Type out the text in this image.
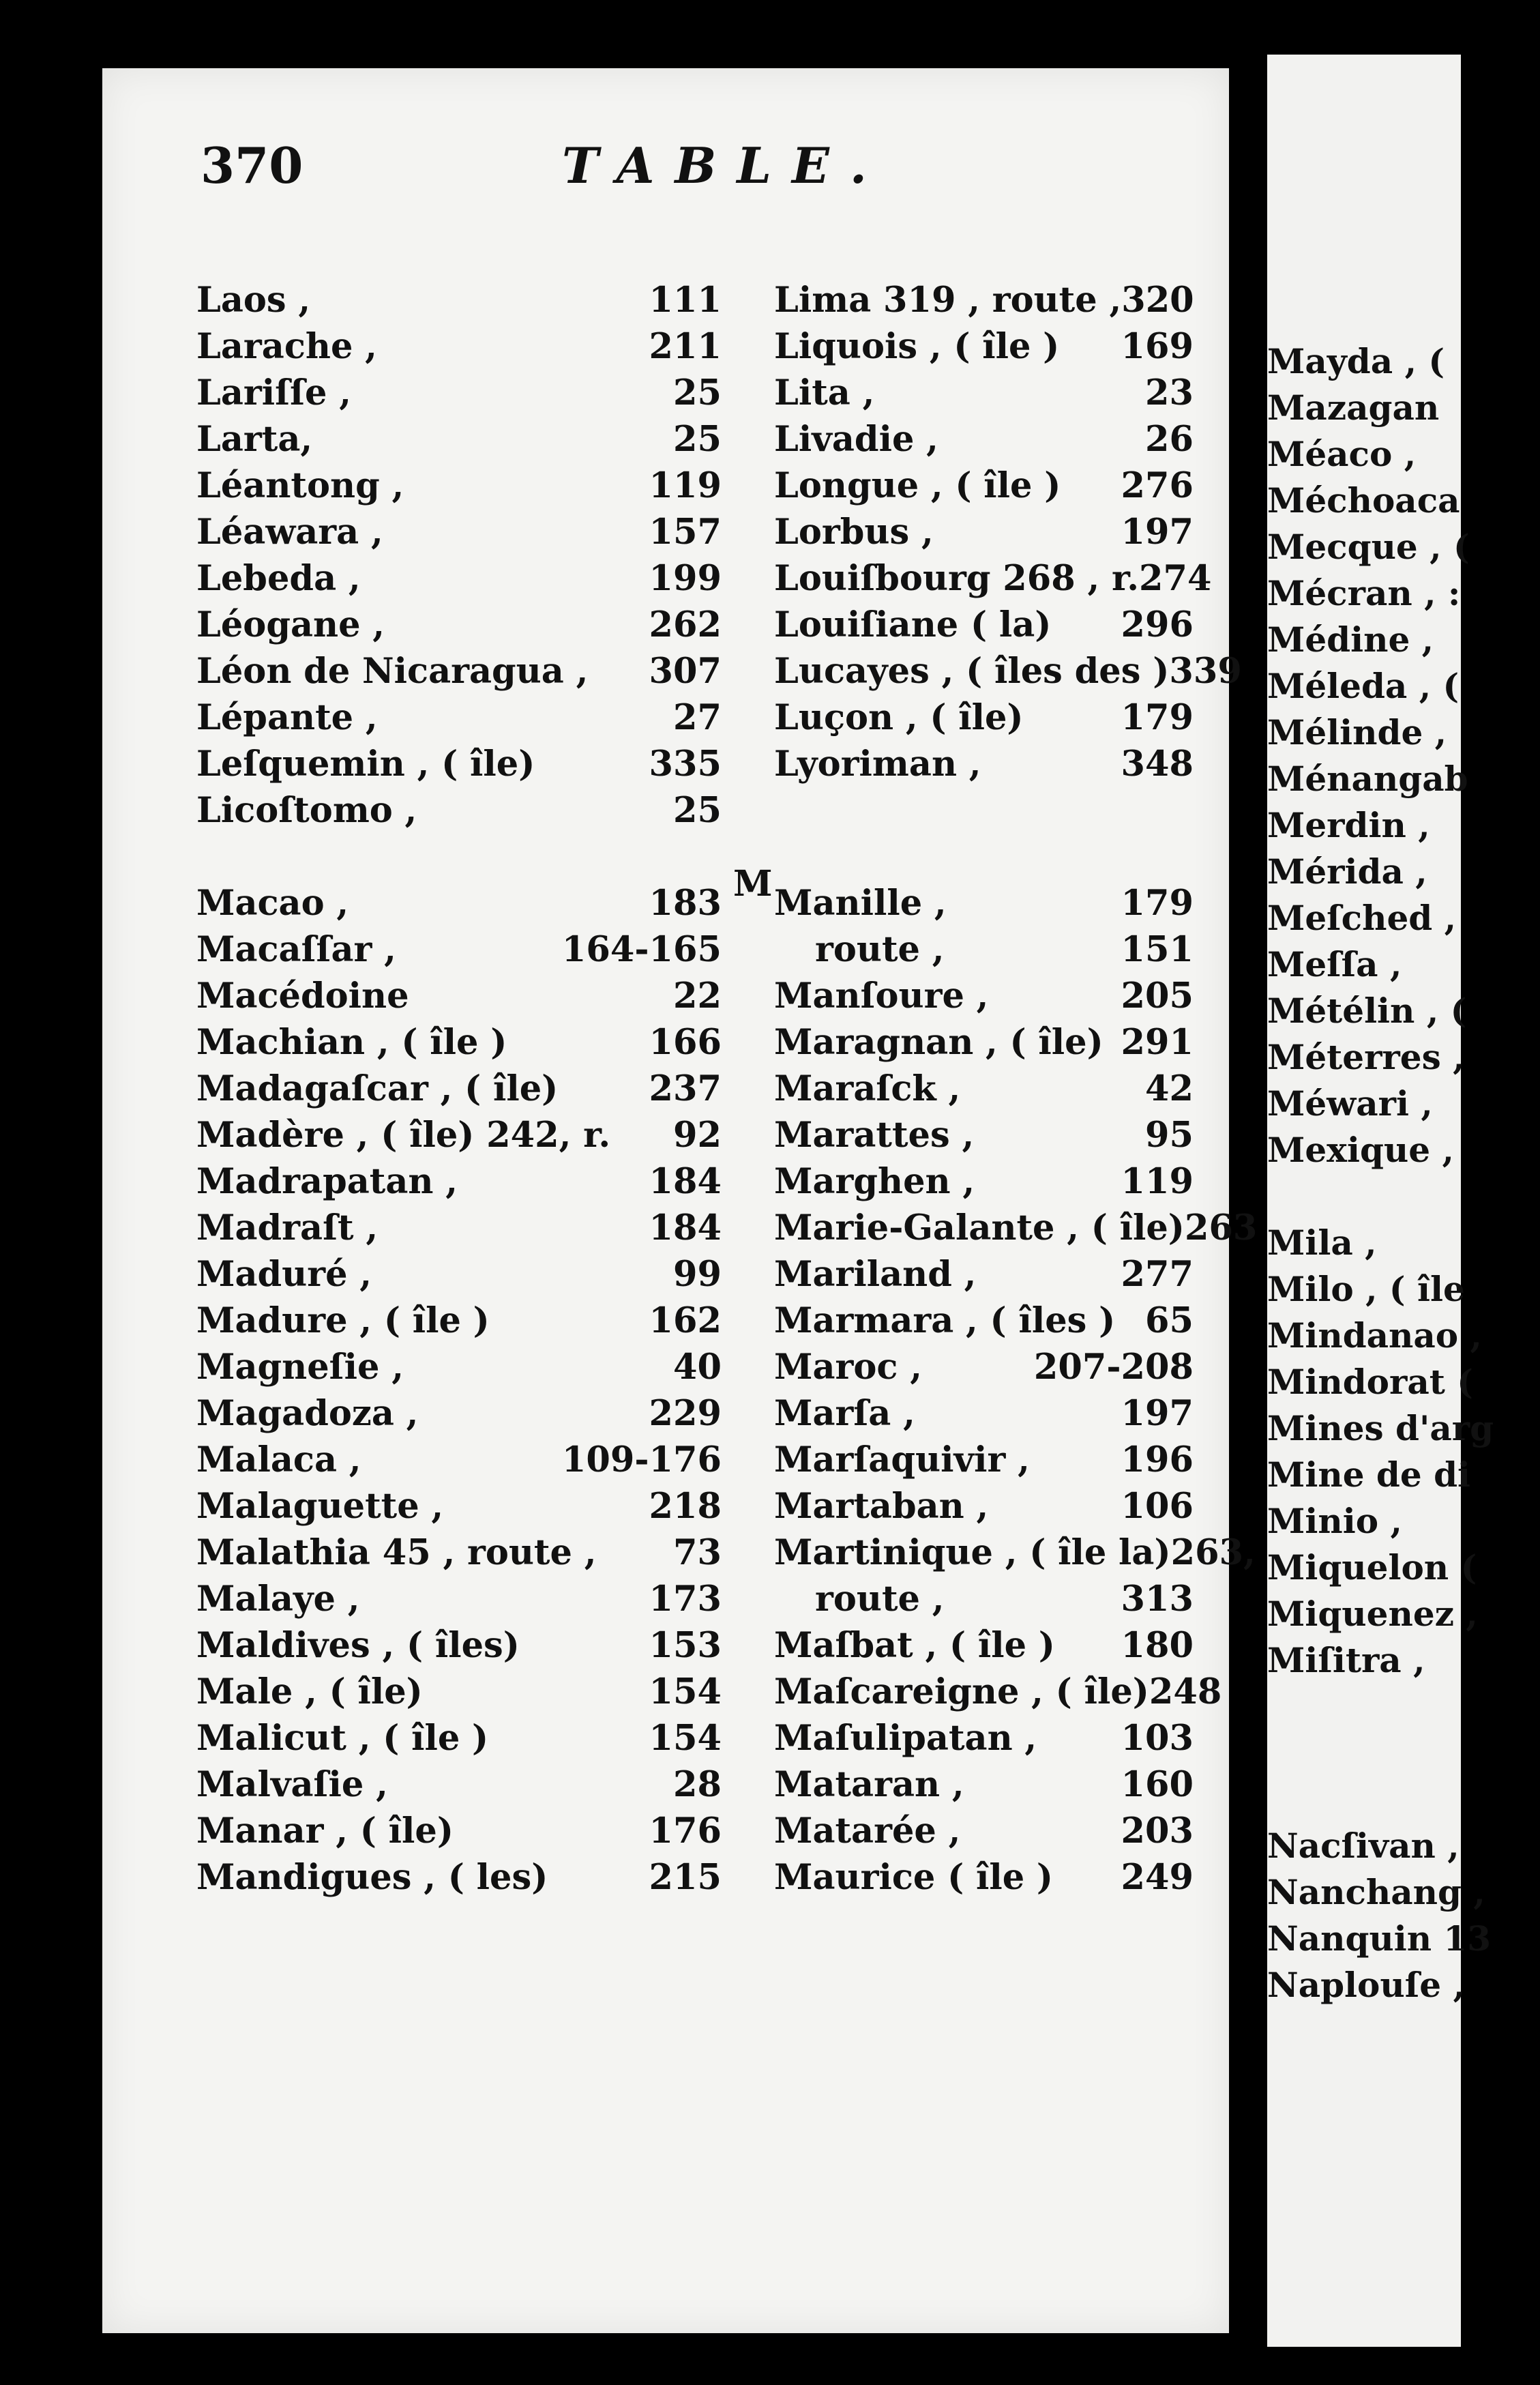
Mayda , (
Mazagan
Méaco ,
Méchoaca
Mecque , (
Mécran , :
Médine ,
Méleda , (
Mélinde ,
Ménangab
Merdin ,
Mérida ,
Meſched ,
Meſſa ,
Métélin , (
Méterres ,
Méwari ,
Mexique ,
Mila ,
Milo , ( île
Mindanao ,
Mindorat (
Mines d'arg
Mine de di
Minio ,
Miquelon (
Miquenez ,
Miſitra ,
Nacſivan ,
Nanchang ,
Nanquin 13
Naplouſe ,
370	TABLE.
Laos ,	111
Larache ,	211
Lariſſe ,	25
Larta,	25
Léantong ,	119
Léawara ,	157
Lebeda ,	199
Léogane ,	262
Léon de Nicaragua , 307
Lépante ,	27
Leſquemin , ( île)	335
Licoſtomo ,	25
Macao ,	183
Macaſſar ,	164-165
Macédoine	22
Machian , ( île )	166
Madagaſcar , ( île)	237
Madère , ( île) 242, r. 92
Madrapatan ,	184
Madraſt ,	184
Maduré ,	99
Madure , ( île )	162
Magneſie ,	40
Magadoza ,	229
Malaca ,	109-176
Malaguette ,	218
Malathia 45 , route , 73
Malaye ,	173
Maldives , ( îles)	153
Male , ( île)	154
Malicut , ( île )	154
Malvaſie ,	28
Manar , ( île)	176
Mandigues , ( les)	215
Lima 319 , route , 320
Liquois , ( île ) 169
Lita ,	23
Livadie ,	26
Longue , ( île ) 276
Lorbus ,	197
Louiſbourg 268 , r. 274
Louiſiane ( la) 296
Lucayes , ( îles des ) 339
Luçon , ( île)	179
Lyoriman ,	348
Manille ,	179
route ,	151
Manſoure ,	205
Maragnan , ( île) 291
Maraſck ,	42
Marattes ,	95
Marghen ,	119
Marie-Galante , ( île) 263
Mariland ,	277
Marmara , ( îles ) 65
Maroc ,	207-208
Marſa ,	197
Marſaquivir ,	196
Martaban ,	106
Martinique , ( île la) 263,
route ,	313
Maſbat , ( île ) 180
Maſcareigne , ( île) 248
Maſulipatan , 103
Mataran ,	160
Matarée ,	203
Maurice ( île ) 249
M
